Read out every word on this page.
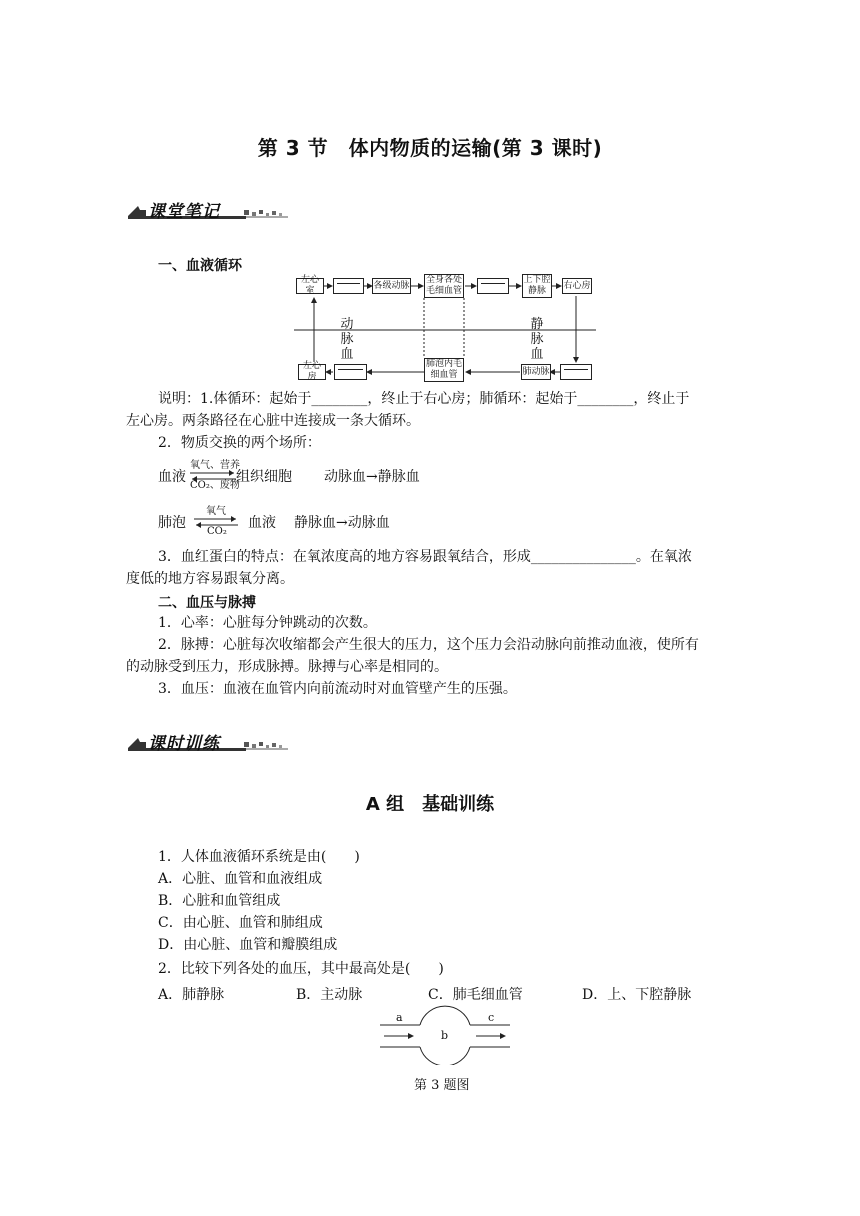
第 3 节　体内物质的运输(第 3 课时)
课堂笔记
一、血液循环
左心室
各级动脉
全身各处毛细血管
上下腔静脉
右心房
左心房
肺泡内毛细血管	肺动脉
动脉血
静脉血
说明：1.体循环：起始于________，终止于右心房；肺循环：起始于________，终止于
左心房。两条路径在心脏中连接成一条大循环。
2．物质交换的两个场所：
血液
氧气、营养
CO₂、废物
组织细胞 动脉血→静脉血
肺泡
氧气
CO₂
血液 静脉血→动脉血
3．血红蛋白的特点：在氧浓度高的地方容易跟氧结合，形成_______________。在氧浓
度低的地方容易跟氧分离。
二、血压与脉搏
1．心率：心脏每分钟跳动的次数。
2．脉搏：心脏每次收缩都会产生很大的压力，这个压力会沿动脉向前推动血液，使所有
的动脉受到压力，形成脉搏。脉搏与心率是相同的。
3．血压：血液在血管内向前流动时对血管壁产生的压强。
课时训练
A 组　基础训练
1．人体血液循环系统是由(　　)
A．心脏、血管和血液组成
B．心脏和血管组成
C．由心脏、血管和肺组成
D．由心脏、血管和瓣膜组成
2．比较下列各处的血压，其中最高处是(　　)
A．肺静脉	B．主动脉	C．肺毛细血管	D．上、下腔静脉
a
b
c
第 3 题图
